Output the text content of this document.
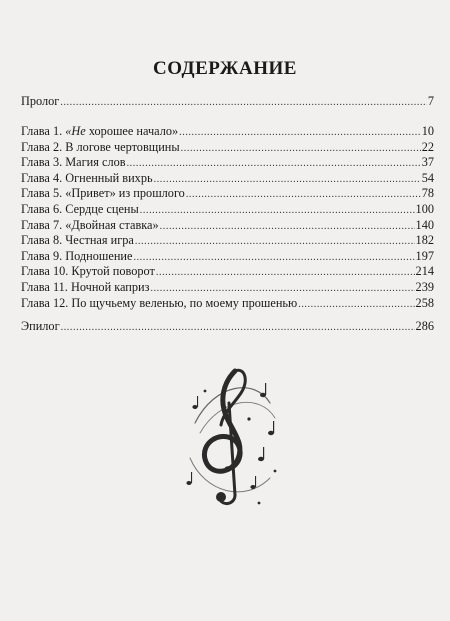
СОДЕРЖАНИЕ
Пролог .....	7
Глава 1. «Не хорошее начало» .....	10
Глава 2. В логове чертовщины .....	22
Глава 3. Магия слов .....	37
Глава 4. Огненный вихрь .....	54
Глава 5. «Привет» из прошлого .....	78
Глава 6. Сердце сцены .....	100
Глава 7. «Двойная ставка» .....	140
Глава 8. Честная игра .....	182
Глава 9. Подношение .....	197
Глава 10. Крутой поворот .....	214
Глава 11. Ночной каприз .....	239
Глава 12. По щучьему веленью, по моему прошенью .....	258
Эпилог .....	286
